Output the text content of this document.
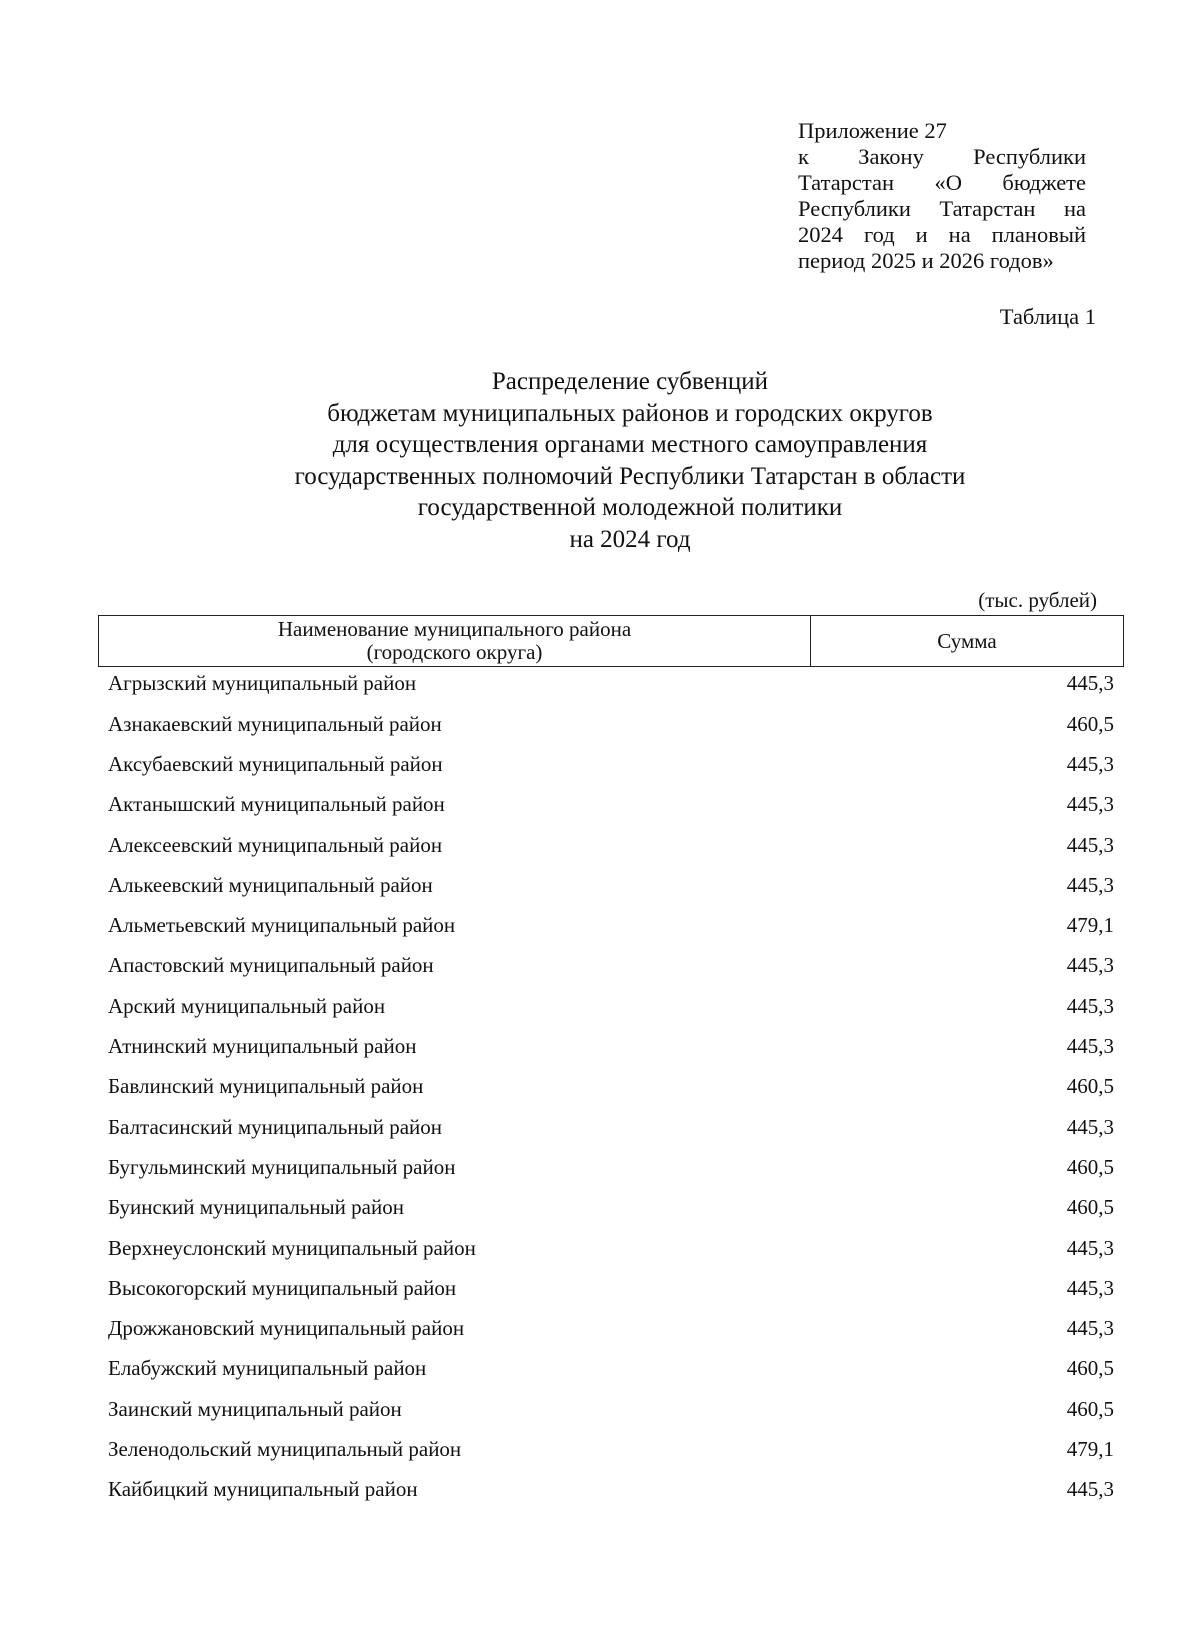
Приложение 27
к Закону Республики
Татарстан «О бюджете
Республики Татарстан на
2024 год и на плановый
период 2025 и 2026 годов»
Таблица 1
Распределение субвенций
бюджетам муниципальных районов и городских округов
для осуществления органами местного самоуправления
государственных полномочий Республики Татарстан в области
государственной молодежной политики
на 2024 год
(тыс. рублей)
Наименование муниципального района
(городского округа)	Сумма
Агрызский муниципальный район	445,3
Азнакаевский муниципальный район	460,5
Аксубаевский муниципальный район	445,3
Актанышский муниципальный район	445,3
Алексеевский муниципальный район	445,3
Алькеевский муниципальный район	445,3
Альметьевский муниципальный район	479,1
Апастовский муниципальный район	445,3
Арский муниципальный район	445,3
Атнинский муниципальный район	445,3
Бавлинский муниципальный район	460,5
Балтасинский муниципальный район	445,3
Бугульминский муниципальный район	460,5
Буинский муниципальный район	460,5
Верхнеуслонский муниципальный район	445,3
Высокогорский муниципальный район	445,3
Дрожжановский муниципальный район	445,3
Елабужский муниципальный район	460,5
Заинский муниципальный район	460,5
Зеленодольский муниципальный район	479,1
Кайбицкий муниципальный район	445,3
